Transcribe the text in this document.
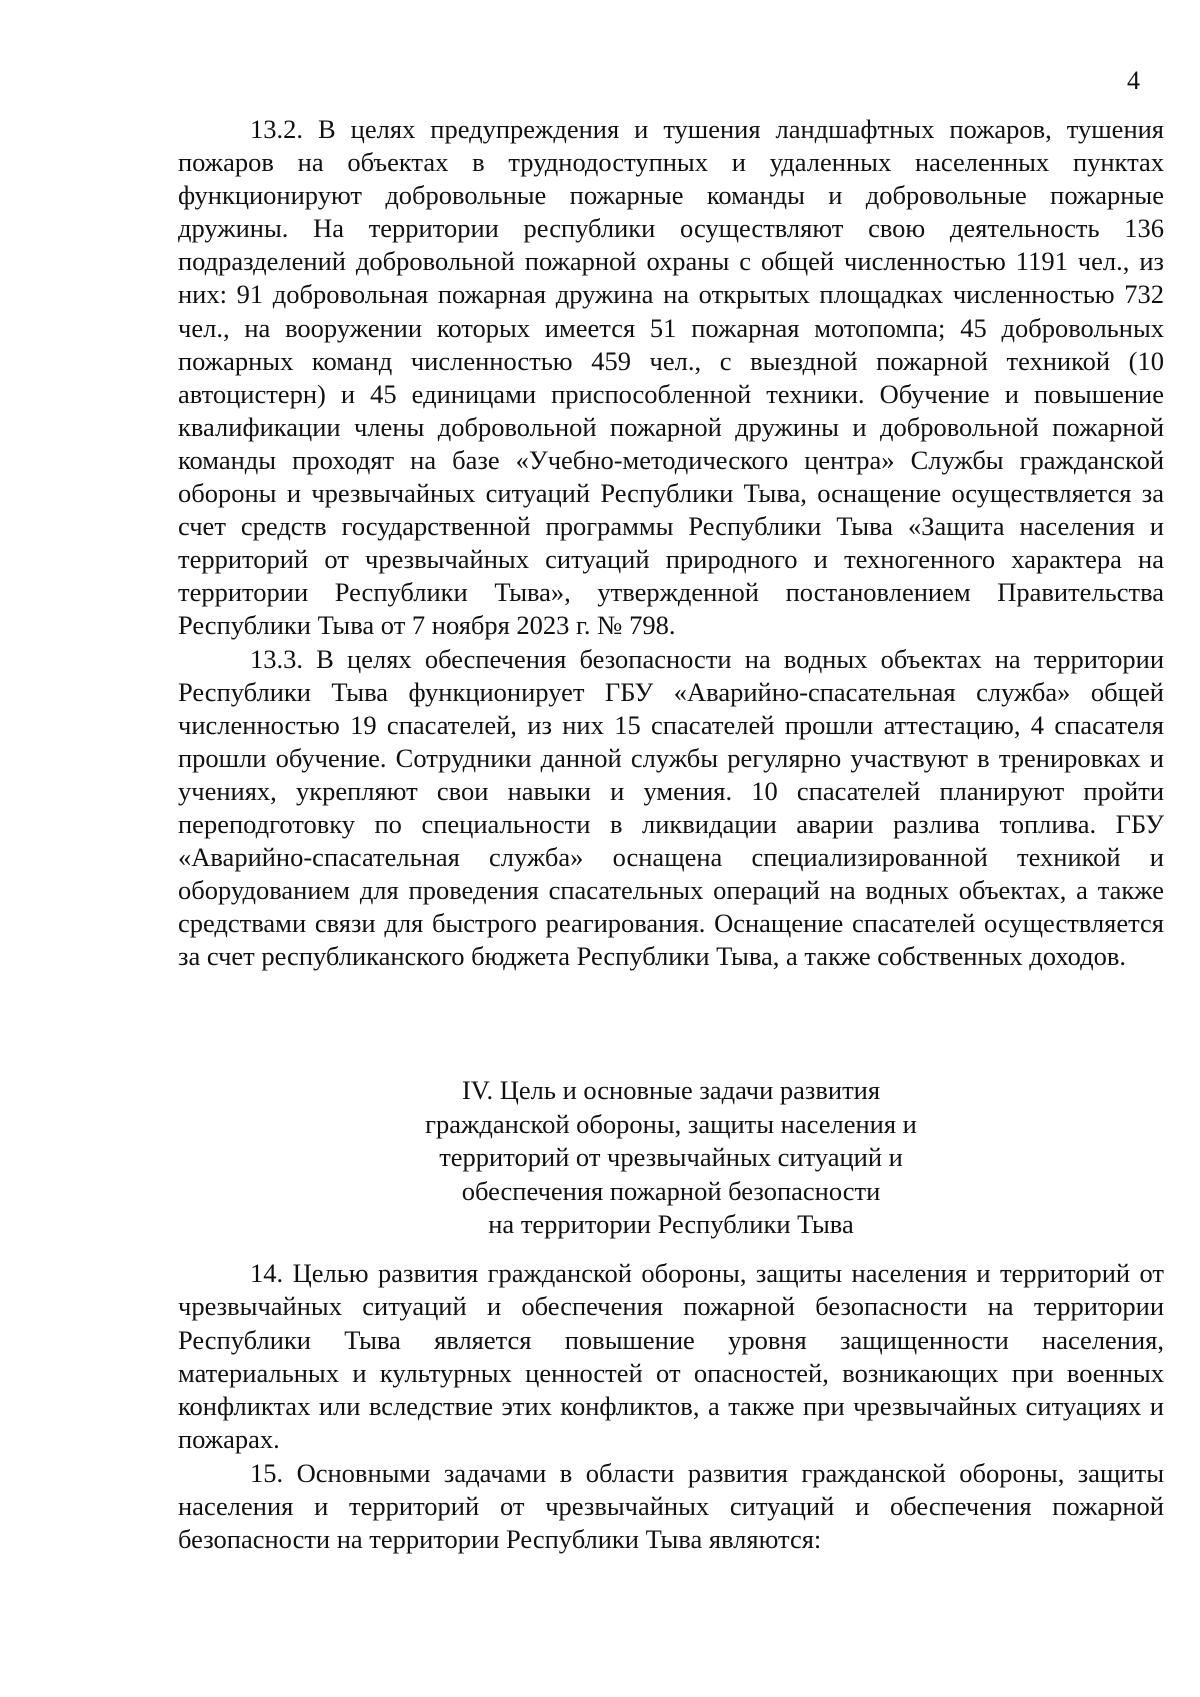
4

13.2. В целях предупреждения и тушения ландшафтных пожаров, тушения пожаров на объектах в труднодоступных и удаленных населенных пунктах функционируют добровольные пожарные команды и добровольные пожарные дружины. На территории республики осуществляют свою деятельность 136 подразделений добровольной пожарной охраны с общей численностью 1191 чел., из них: 91 добровольная пожарная дружина на открытых площадках численностью 732 чел., на вооружении которых имеется 51 пожарная мотопомпа; 45 добровольных пожарных команд численностью 459 чел., с выездной пожарной техникой (10 автоцистерн) и 45 единицами приспособленной техники. Обучение и повышение квалификации члены добровольной пожарной дружины и добровольной пожарной команды проходят на базе «Учебно-методического центра» Службы гражданской обороны и чрезвычайных ситуаций Республики Тыва, оснащение осуществляется за счет средств государственной программы Республики Тыва «Защита населения и территорий от чрезвычайных ситуаций природного и техногенного характера на территории Республики Тыва», утвержденной постановлением Правительства Республики Тыва от 7 ноября 2023 г. № 798.

13.3. В целях обеспечения безопасности на водных объектах на территории Республики Тыва функционирует ГБУ «Аварийно-спасательная служба» общей численностью 19 спасателей, из них 15 спасателей прошли аттестацию, 4 спасателя прошли обучение. Сотрудники данной службы регулярно участвуют в тренировках и учениях, укрепляют свои навыки и умения. 10 спасателей планируют пройти переподготовку по специальности в ликвидации аварии разлива топлива. ГБУ «Аварийно-спасательная служба» оснащена специализированной техникой и оборудованием для проведения спасательных операций на водных объектах, а также средствами связи для быстрого реагирования. Оснащение спасателей осуществляется за счет республиканского бюджета Республики Тыва, а также собственных доходов.

IV. Цель и основные задачи развития
гражданской обороны, защиты населения и
территорий от чрезвычайных ситуаций и
обеспечения пожарной безопасности
на территории Республики Тыва

14. Целью развития гражданской обороны, защиты населения и территорий от чрезвычайных ситуаций и обеспечения пожарной безопасности на территории Республики Тыва является повышение уровня защищенности населения, материальных и культурных ценностей от опасностей, возникающих при военных конфликтах или вследствие этих конфликтов, а также при чрезвычайных ситуациях и пожарах.

15. Основными задачами в области развития гражданской обороны, защиты населения и территорий от чрезвычайных ситуаций и обеспечения пожарной безопасности на территории Республики Тыва являются:
